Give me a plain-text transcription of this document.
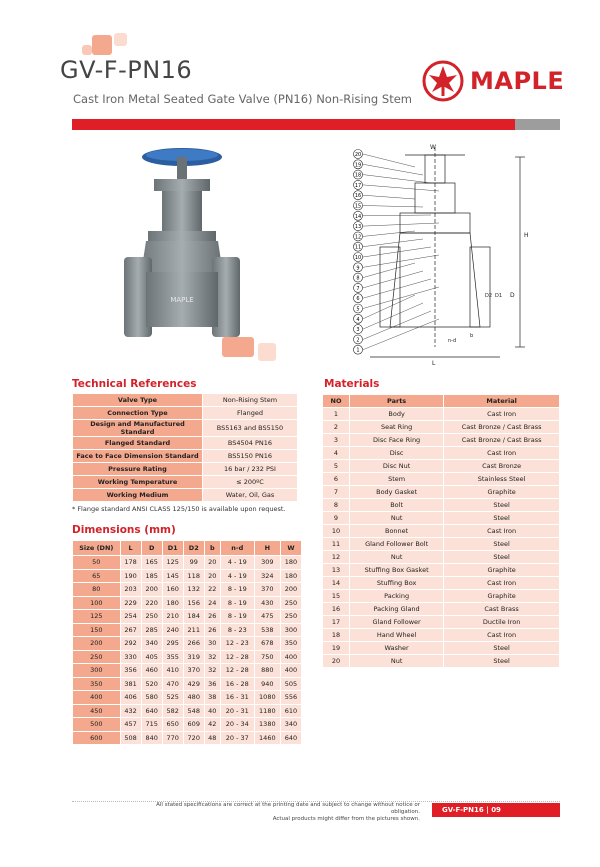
GV-F-PN16
Cast Iron Metal Seated Gate Valve (PN16) Non-Rising Stem
MAPLE
MAPLE
20
19
18
17
16
15
14
13
12
11
10
9
8
7
6
5
4
3
2
1
W
H
L
D
D1
D2
b
n-d
Technical References
Valve Type	Non-Rising Stem
Connection Type	Flanged
Design and Manufactured Standard	BS5163 and BS5150
Flanged Standard	BS4504 PN16
Face to Face Dimension Standard	BS5150 PN16
Pressure Rating	16 bar / 232 PSI
Working Temperature	≤ 200ºC
Working Medium	Water, Oil, Gas
* Flange standard ANSI CLASS 125/150 is available upon request.
Materials
NO	Parts	Material
1	Body	Cast Iron
2	Seat Ring	Cast Bronze / Cast Brass
3	Disc Face Ring	Cast Bronze / Cast Brass
4	Disc	Cast Iron
5	Disc Nut	Cast Bronze
6	Stem	Stainless Steel
7	Body Gasket	Graphite
8	Bolt	Steel
9	Nut	Steel
10	Bonnet	Cast Iron
11	Gland Follower Bolt	Steel
12	Nut	Steel
13	Stuffing Box Gasket	Graphite
14	Stuffing Box	Cast Iron
15	Packing	Graphite
16	Packing Gland	Cast Brass
17	Gland Follower	Ductile Iron
18	Hand Wheel	Cast Iron
19	Washer	Steel
20	Nut	Steel
Dimensions (mm)
Size (DN)	L	D	D1	D2	b	n-d	H	W
50	178	165	125	99	20	4 - 19	309	180
65	190	185	145	118	20	4 - 19	324	180
80	203	200	160	132	22	8 - 19	370	200
100	229	220	180	156	24	8 - 19	430	250
125	254	250	210	184	26	8 - 19	475	250
150	267	285	240	211	26	8 - 23	538	300
200	292	340	295	266	30	12 - 23	678	350
250	330	405	355	319	32	12 - 28	750	400
300	356	460	410	370	32	12 - 28	880	400
350	381	520	470	429	36	16 - 28	940	505
400	406	580	525	480	38	16 - 31	1080	556
450	432	640	582	548	40	20 - 31	1180	610
500	457	715	650	609	42	20 - 34	1380	340
600	508	840	770	720	48	20 - 37	1460	640
All stated specifications are correct at the printing date and subject to change without notice or obligation.
Actual products might differ from the pictures shown.
GV-F-PN16 | 09
